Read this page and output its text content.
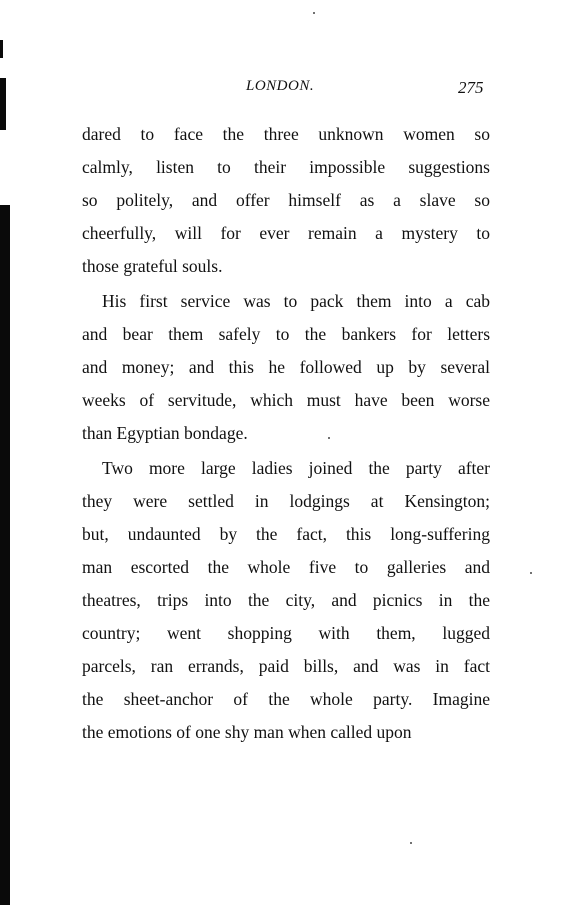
LONDON.	275

dared to face the three unknown women so
calmly, listen to their impossible suggestions
so politely, and offer himself as a slave so
cheerfully, will for ever remain a mystery to
those grateful souls.

His first service was to pack them into a cab
and bear them safely to the bankers for letters
and money; and this he followed up by several
weeks of servitude, which must have been worse
than Egyptian bondage.

Two more large ladies joined the party after
they were settled in lodgings at Kensington;
but, undaunted by the fact, this long-suffering
man escorted the whole five to galleries and
theatres, trips into the city, and picnics in the
country; went shopping with them, lugged
parcels, ran errands, paid bills, and was in fact
the sheet-anchor of the whole party. Imagine
the emotions of one shy man when called upon
